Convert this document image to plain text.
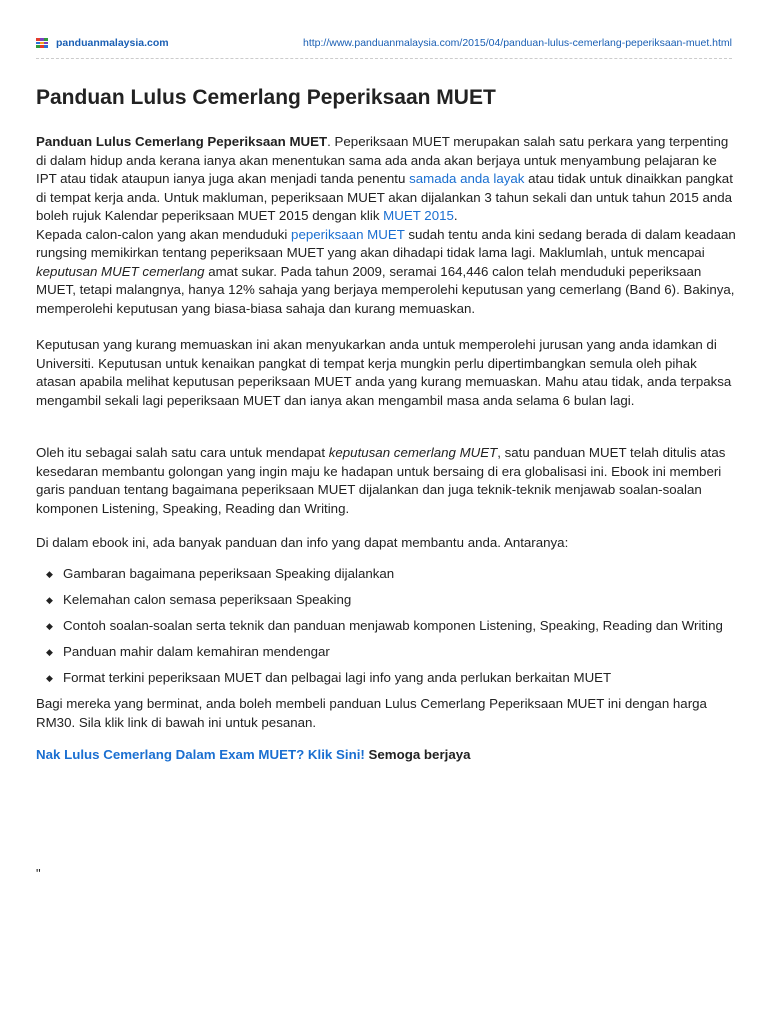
panduanmalaysia.com	http://www.panduanmalaysia.com/2015/04/panduan-lulus-cemerlang-peperiksaan-muet.html
Panduan Lulus Cemerlang Peperiksaan MUET

Panduan Lulus Cemerlang Peperiksaan MUET. Peperiksaan MUET merupakan salah satu perkara yang terpenting di dalam hidup anda kerana ianya akan menentukan sama ada anda akan berjaya untuk menyambung pelajaran ke IPT atau tidak ataupun ianya juga akan menjadi tanda penentu samada anda layak atau tidak untuk dinaikkan pangkat di tempat kerja anda. Untuk makluman, peperiksaan MUET akan dijalankan 3 tahun sekali dan untuk tahun 2015 anda boleh rujuk Kalendar peperiksaan MUET 2015 dengan klik MUET 2015.
Kepada calon-calon yang akan menduduki peperiksaan MUET sudah tentu anda kini sedang berada di dalam keadaan rungsing memikirkan tentang peperiksaan MUET yang akan dihadapi tidak lama lagi. Maklumlah, untuk mencapai keputusan MUET cemerlang amat sukar. Pada tahun 2009, seramai 164,446 calon telah menduduki peperiksaan MUET, tetapi malangnya, hanya 12% sahaja yang berjaya memperolehi keputusan yang cemerlang (Band 6). Bakinya, memperolehi keputusan yang biasa-biasa sahaja dan kurang memuaskan.

Keputusan yang kurang memuaskan ini akan menyukarkan anda untuk memperolehi jurusan yang anda idamkan di Universiti. Keputusan untuk kenaikan pangkat di tempat kerja mungkin perlu dipertimbangkan semula oleh pihak atasan apabila melihat keputusan peperiksaan MUET anda yang kurang memuaskan. Mahu atau tidak, anda terpaksa mengambil sekali lagi peperiksaan MUET dan ianya akan mengambil masa anda selama 6 bulan lagi.

Oleh itu sebagai salah satu cara untuk mendapat keputusan cemerlang MUET, satu panduan MUET telah ditulis atas kesedaran membantu golongan yang ingin maju ke hadapan untuk bersaing di era globalisasi ini. Ebook ini memberi garis panduan tentang bagaimana peperiksaan MUET dijalankan dan juga teknik-teknik menjawab soalan-soalan komponen Listening, Speaking, Reading dan Writing.

Di dalam ebook ini, ada banyak panduan dan info yang dapat membantu anda. Antaranya:

◆ Gambaran bagaimana peperiksaan Speaking dijalankan
◆ Kelemahan calon semasa peperiksaan Speaking
◆ Contoh soalan-soalan serta teknik dan panduan menjawab komponen Listening, Speaking, Reading dan Writing
◆ Panduan mahir dalam kemahiran mendengar
◆ Format terkini peperiksaan MUET dan pelbagai lagi info yang anda perlukan berkaitan MUET

Bagi mereka yang berminat, anda boleh membeli panduan Lulus Cemerlang Peperiksaan MUET ini dengan harga RM30. Sila klik link di bawah ini untuk pesanan.

Nak Lulus Cemerlang Dalam Exam MUET? Klik Sini! Semoga berjaya

"
